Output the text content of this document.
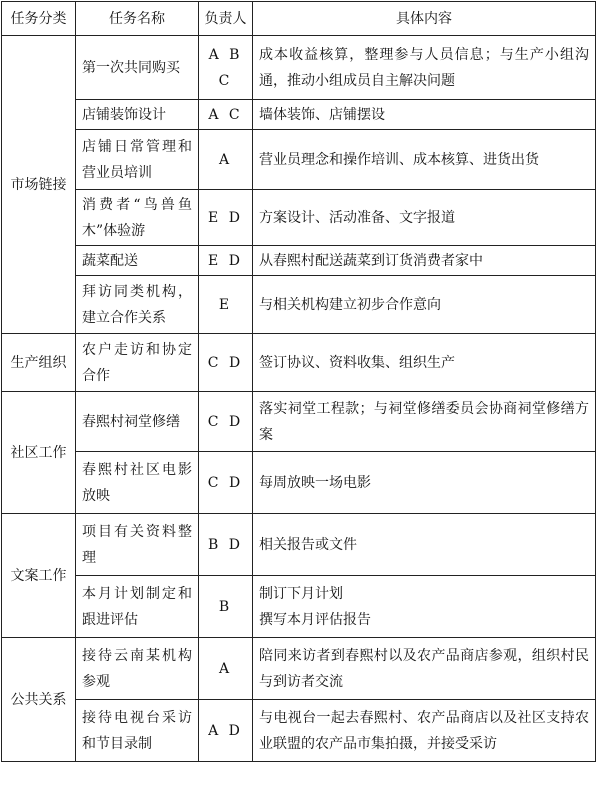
任务分类	任务名称	负责人	具体内容
市场链接	第一次共同购买	A B C	成本收益核算，整理参与人员信息；与生产小组沟通，推动小组成员自主解决问题

	店铺装饰设计	A C	墙体装饰、店铺摆设

	店铺日常管理和营业员培训	A	营业员理念和操作培训、成本核算、进货出货

	消费者“鸟兽鱼木”体验游	E D	方案设计、活动准备、文字报道

	蔬菜配送	E D	从春熙村配送蔬菜到订货消费者家中

	拜访同类机构，建立合作关系	E	与相关机构建立初步合作意向

生产组织	农户走访和协定合作	C D	签订协议、资料收集、组织生产

社区工作	春熙村祠堂修缮	C D	落实祠堂工程款；与祠堂修缮委员会协商祠堂修缮方案

	春熙村社区电影放映	C D	每周放映一场电影

文案工作	项目有关资料整理	B D	相关报告或文件

	本月计划制定和跟进评估	B	制订下月计划
撰写本月评估报告

公共关系	接待云南某机构参观	A	陪同来访者到春熙村以及农产品商店参观，组织村民与到访者交流

	接待电视台采访和节目录制	A D	与电视台一起去春熙村、农产品商店以及社区支持农业联盟的农产品市集拍摄，并接受采访
